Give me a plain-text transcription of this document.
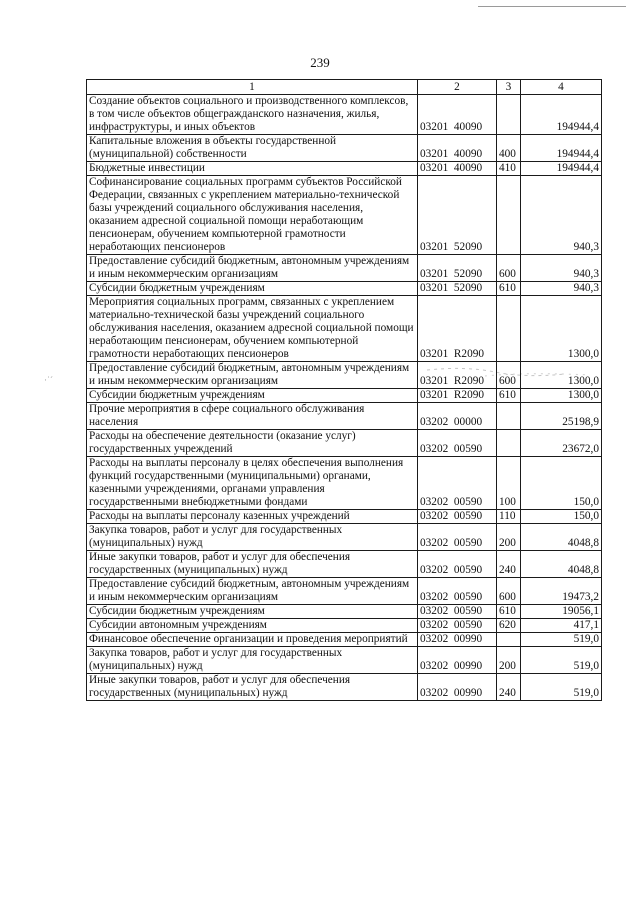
239
·˙´
1	2	3	4
Создание объектов социального и производственного комплексов, в том числе объектов общегражданского назначения, жилья, инфраструктуры, и иных объектов	03201  40090		194944,4
Капитальные вложения в объекты государственной (муниципальной) собственности	03201  40090	400	194944,4
Бюджетные инвестиции	03201  40090	410	194944,4
Софинансирование социальных программ субъектов Российской Федерации, связанных с укреплением материально-технической базы учреждений социального обслуживания населения, оказанием адресной социальной помощи неработающим пенсионерам, обучением компьютерной грамотности неработающих пенсионеров	03201  52090		940,3
Предоставление субсидий бюджетным, автономным учреждениям и иным некоммерческим организациям	03201  52090	600	940,3
Субсидии бюджетным учреждениям	03201  52090	610	940,3
Мероприятия социальных программ, связанных с укреплением материально-технической базы учреждений социального обслуживания населения, оказанием адресной социальной помощи неработающим пенсионерам, обучением компьютерной грамотности неработающих пенсионеров	03201  R2090		1300,0
Предоставление субсидий бюджетным, автономным учреждениям и иным некоммерческим организациям	03201  R2090	600	1300,0
Субсидии бюджетным учреждениям	03201  R2090	610	1300,0
Прочие мероприятия в сфере социального обслуживания населения	03202  00000		25198,9
Расходы на обеспечение деятельности (оказание услуг) государственных учреждений	03202  00590		23672,0
Расходы на выплаты персоналу в целях обеспечения выполнения функций государственными (муниципальными) органами, казенными учреждениями, органами управления государственными внебюджетными фондами	03202  00590	100	150,0
Расходы на выплаты персоналу казенных учреждений	03202  00590	110	150,0
Закупка товаров, работ и услуг для государственных (муниципальных) нужд	03202  00590	200	4048,8
Иные закупки товаров, работ и услуг для обеспечения государственных (муниципальных) нужд	03202  00590	240	4048,8
Предоставление субсидий бюджетным, автономным учреждениям и иным некоммерческим организациям	03202  00590	600	19473,2
Субсидии бюджетным учреждениям	03202  00590	610	19056,1
Субсидии автономным учреждениям	03202  00590	620	417,1
Финансовое обеспечение организации и проведения мероприятий	03202  00990		519,0
Закупка товаров, работ и услуг для государственных (муниципальных) нужд	03202  00990	200	519,0
Иные закупки товаров, работ и услуг для обеспечения государственных (муниципальных) нужд	03202  00990	240	519,0
